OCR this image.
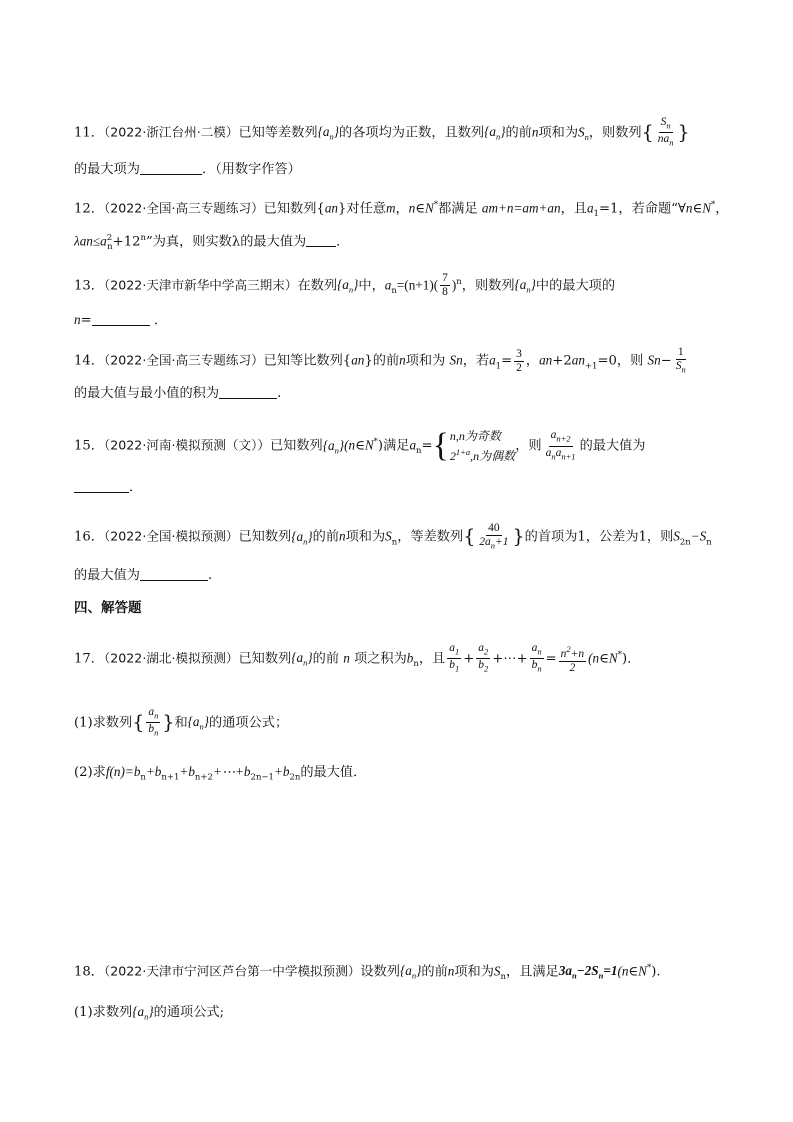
11．（2022·浙江台州·二模）已知等差数列$\{a_n\}$的各项均为正数，且数列$\{a_n\}$的前n项和为$S_n$，则数列{ $\frac{S_n}{na_n}$ }
的最大项为	．（用数字作答）
12．（2022·全国·高三专题练习）已知数列{an}对任意m，n∈N*都满足 am+n=am+an，且$a_1=1$，若命题“∀n∈N*，
$\lambda an\le a^2_n+12^n$”为真，则实数λ的最大值为 ．
13．（2022·天津市新华中学高三期末）在数列$\{a_n\}$中，$a_n=(n+1)( \frac{7}{8} )^n$，则数列$\{a_n\}$中的最大项的
n=	．
14．（2022·全国·高三专题练习）已知等比数列{an}的前n项和为 Sn，若$a_1= \frac{3}{2}$ ，$an+2an_{+1}=0$，则 $Sn- \frac{1}{S_n}$
的最大值与最小值的积为	.
15．（2022·河南·模拟预测（文））已知数列$\{a_n\}(n\in N^*)$满足$a_n=$ { n,n为奇数
$2^{1+a},n$为偶数
，则 $\frac{a_{n+2}}{a_na_{n+1}}$ 的最大值为
．
16．（2022·全国·模拟预测）已知数列$\{a_n\}$的前n项和为$S_n$，等差数列{ $\frac{40}{2a_n+1}$ }的首项为1，公差为1，则$S_{2n}-S_n$
的最大值为	.
四、解答题
17．（2022·湖北·模拟预测）已知数列$\{a_n\}$的前 n 项之积为$b_n$，且 $\frac{a_1}{b_1} + \frac{a_2}{b_2}$ +⋯+ $\frac{a_n}{b_n} = \frac{n^2+n}{2}$ (n∈N*)．
(1)求数列{ $\frac{a_n}{b_n}$ }和$\{a_n\}$的通项公式；
(2)求$f(n)=b_n+b_{n+1}+b_{n+2}+\cdots+b_{2n-1}+b_{2n}$的最大值．
18．（2022·天津市宁河区芦台第一中学模拟预测）设数列$\{a_n\}$的前n项和为$S_n$，且满足$3a_n-2S_n=1(n\in N^*)$.
(1)求数列$\{a_n\}$的通项公式;
